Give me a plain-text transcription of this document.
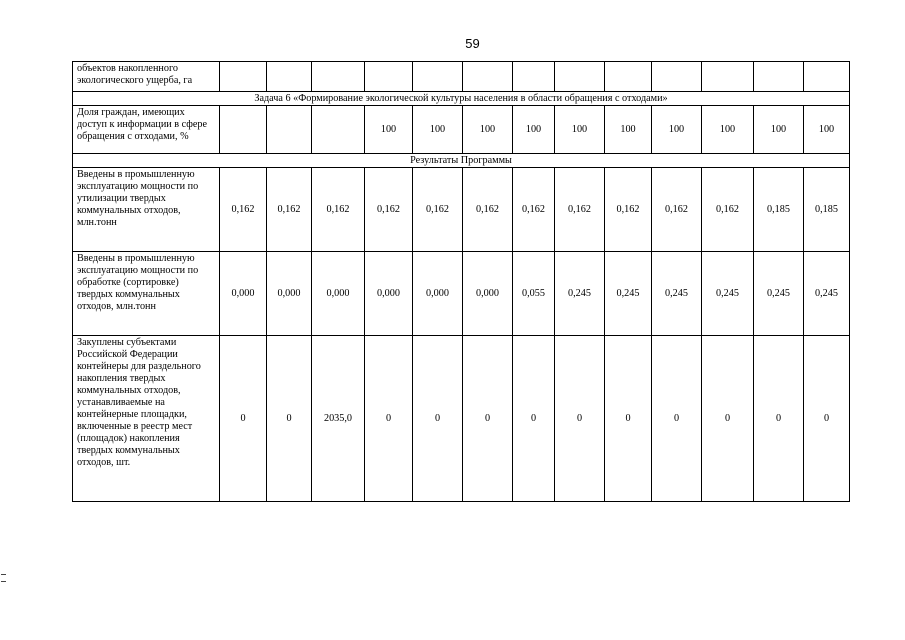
59
объектов накопленного экологического ущерба, га													
Задача 6 «Формирование экологической культуры населения в области обращения с отходами»													
Доля граждан, имеющих доступ к информации в сфере обращения с отходами, %				100	100	100	100	100	100	100	100	100	100
Результаты Программы													
Введены в промышленную эксплуатацию мощности по утилизации твердых коммунальных отходов, млн.тонн	0,162	0,162	0,162	0,162	0,162	0,162	0,162	0,162	0,162	0,162	0,162	0,185	0,185
Введены в промышленную эксплуатацию мощности по обработке (сортировке) твердых коммунальных отходов, млн.тонн	0,000	0,000	0,000	0,000	0,000	0,000	0,055	0,245	0,245	0,245	0,245	0,245	0,245
Закуплены субъектами Российской Федерации контейнеры для раздельного накопления твердых коммунальных отходов, устанавливаемые на контейнерные площадки, включенные в реестр мест (площадок) накопления твердых коммунальных отходов, шт.	0	0	2035,0	0	0	0	0	0	0	0	0	0	0
